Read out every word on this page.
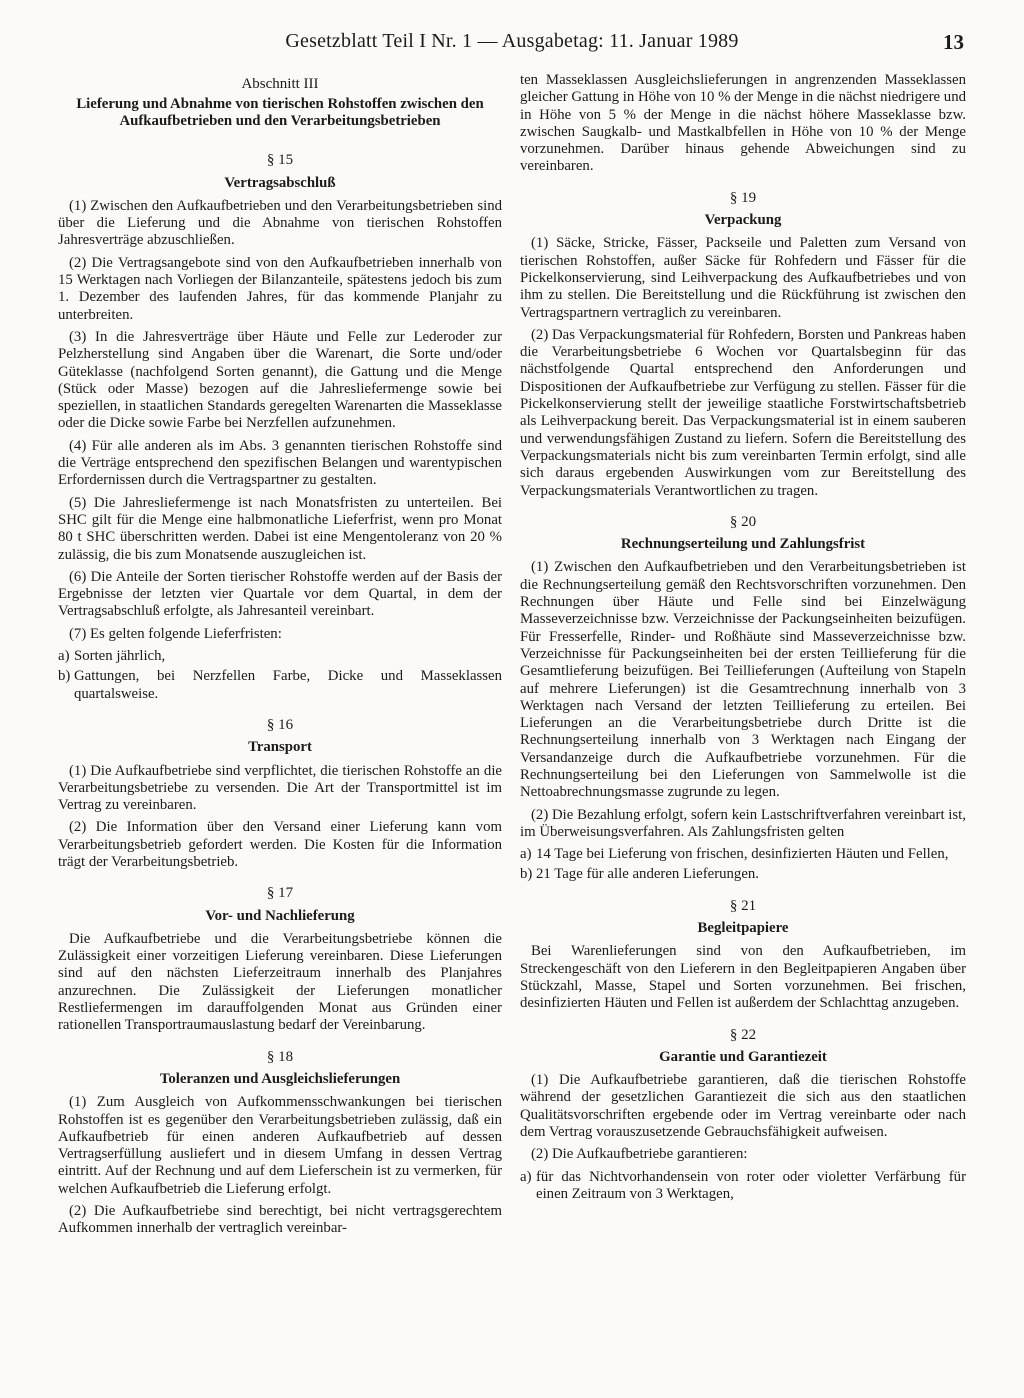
Gesetzblatt Teil I Nr. 1 — Ausgabetag: 11. Januar 1989	13
Abschnitt III
Lieferung und Abnahme von tierischen Rohstoffen zwischen den Aufkaufbetrieben und den Verarbeitungsbetrieben
§ 15
Vertragsabschluß

(1) Zwischen den Aufkaufbetrieben und den Verarbeitungsbetrieben sind über die Lieferung und die Abnahme von tierischen Rohstoffen Jahresverträge abzuschließen.

(2) Die Vertragsangebote sind von den Aufkaufbetrieben innerhalb von 15 Werktagen nach Vorliegen der Bilanzanteile, spätestens jedoch bis zum 1. Dezember des laufenden Jahres, für das kommende Planjahr zu unterbreiten.

(3) In die Jahresverträge über Häute und Felle zur Lederoder zur Pelzherstellung sind Angaben über die Warenart, die Sorte und/oder Güteklasse (nachfolgend Sorten genannt), die Gattung und die Menge (Stück oder Masse) bezogen auf die Jahresliefermenge sowie bei speziellen, in staatlichen Standards geregelten Warenarten die Masseklasse oder die Dicke sowie Farbe bei Nerzfellen aufzunehmen.

(4) Für alle anderen als im Abs. 3 genannten tierischen Rohstoffe sind die Verträge entsprechend den spezifischen Belangen und warentypischen Erfordernissen durch die Vertragspartner zu gestalten.

(5) Die Jahresliefermenge ist nach Monatsfristen zu unterteilen. Bei SHC gilt für die Menge eine halbmonatliche Lieferfrist, wenn pro Monat 80 t SHC überschritten werden. Dabei ist eine Mengentoleranz von 20 % zulässig, die bis zum Monatsende auszugleichen ist.

(6) Die Anteile der Sorten tierischer Rohstoffe werden auf der Basis der Ergebnisse der letzten vier Quartale vor dem Quartal, in dem der Vertragsabschluß erfolgte, als Jahresanteil vereinbart.

(7) Es gelten folgende Lieferfristen:

a) Sorten jährlich,

b) Gattungen, bei Nerzfellen Farbe, Dicke und Masseklassen quartalsweise.

§ 16
Transport

(1) Die Aufkaufbetriebe sind verpflichtet, die tierischen Rohstoffe an die Verarbeitungsbetriebe zu versenden. Die Art der Transportmittel ist im Vertrag zu vereinbaren.

(2) Die Information über den Versand einer Lieferung kann vom Verarbeitungsbetrieb gefordert werden. Die Kosten für die Information trägt der Verarbeitungsbetrieb.

§ 17
Vor- und Nachlieferung

Die Aufkaufbetriebe und die Verarbeitungsbetriebe können die Zulässigkeit einer vorzeitigen Lieferung vereinbaren. Diese Lieferungen sind auf den nächsten Lieferzeitraum innerhalb des Planjahres anzurechnen. Die Zulässigkeit der Lieferungen monatlicher Restliefermengen im darauffolgenden Monat aus Gründen einer rationellen Transportraumauslastung bedarf der Vereinbarung.

§ 18
Toleranzen und Ausgleichslieferungen

(1) Zum Ausgleich von Aufkommensschwankungen bei tierischen Rohstoffen ist es gegenüber den Verarbeitungsbetrieben zulässig, daß ein Aufkaufbetrieb für einen anderen Aufkaufbetrieb auf dessen Vertragserfüllung ausliefert und in diesem Umfang in dessen Vertrag eintritt. Auf der Rechnung und auf dem Lieferschein ist zu vermerken, für welchen Aufkaufbetrieb die Lieferung erfolgt.

(2) Die Aufkaufbetriebe sind berechtigt, bei nicht vertragsgerechtem Aufkommen innerhalb der vertraglich vereinbar-

ten Masseklassen Ausgleichslieferungen in angrenzenden Masseklassen gleicher Gattung in Höhe von 10 % der Menge in die nächst niedrigere und in Höhe von 5 % der Menge in die nächst höhere Masseklasse bzw. zwischen Saugkalb- und Mastkalbfellen in Höhe von 10 % der Menge vorzunehmen. Darüber hinaus gehende Abweichungen sind zu vereinbaren.

§ 19
Verpackung

(1) Säcke, Stricke, Fässer, Packseile und Paletten zum Versand von tierischen Rohstoffen, außer Säcke für Rohfedern und Fässer für die Pickelkonservierung, sind Leihverpackung des Aufkaufbetriebes und von ihm zu stellen. Die Bereitstellung und die Rückführung ist zwischen den Vertragspartnern vertraglich zu vereinbaren.

(2) Das Verpackungsmaterial für Rohfedern, Borsten und Pankreas haben die Verarbeitungsbetriebe 6 Wochen vor Quartalsbeginn für das nächstfolgende Quartal entsprechend den Anforderungen und Dispositionen der Aufkaufbetriebe zur Verfügung zu stellen. Fässer für die Pickelkonservierung stellt der jeweilige staatliche Forstwirtschaftsbetrieb als Leihverpackung bereit. Das Verpackungsmaterial ist in einem sauberen und verwendungsfähigen Zustand zu liefern. Sofern die Bereitstellung des Verpackungsmaterials nicht bis zum vereinbarten Termin erfolgt, sind alle sich daraus ergebenden Auswirkungen vom zur Bereitstellung des Verpackungsmaterials Verantwortlichen zu tragen.

§ 20
Rechnungserteilung und Zahlungsfrist

(1) Zwischen den Aufkaufbetrieben und den Verarbeitungsbetrieben ist die Rechnungserteilung gemäß den Rechtsvorschriften vorzunehmen. Den Rechnungen über Häute und Felle sind bei Einzelwägung Masseverzeichnisse bzw. Verzeichnisse der Packungseinheiten beizufügen. Für Fresserfelle, Rinder- und Roßhäute sind Masseverzeichnisse bzw. Verzeichnisse für Packungseinheiten bei der ersten Teillieferung für die Gesamtlieferung beizufügen. Bei Teillieferungen (Aufteilung von Stapeln auf mehrere Lieferungen) ist die Gesamtrechnung innerhalb von 3 Werktagen nach Versand der letzten Teillieferung zu erteilen. Bei Lieferungen an die Verarbeitungsbetriebe durch Dritte ist die Rechnungserteilung innerhalb von 3 Werktagen nach Eingang der Versandanzeige durch die Aufkaufbetriebe vorzunehmen. Für die Rechnungserteilung bei den Lieferungen von Sammelwolle ist die Nettoabrechnungsmasse zugrunde zu legen.

(2) Die Bezahlung erfolgt, sofern kein Lastschriftverfahren vereinbart ist, im Überweisungsverfahren. Als Zahlungsfristen gelten

a) 14 Tage bei Lieferung von frischen, desinfizierten Häuten und Fellen,

b) 21 Tage für alle anderen Lieferungen.

§ 21
Begleitpapiere

Bei Warenlieferungen sind von den Aufkaufbetrieben, im Streckengeschäft von den Lieferern in den Begleitpapieren Angaben über Stückzahl, Masse, Stapel und Sorten vorzunehmen. Bei frischen, desinfizierten Häuten und Fellen ist außerdem der Schlachttag anzugeben.

§ 22
Garantie und Garantiezeit

(1) Die Aufkaufbetriebe garantieren, daß die tierischen Rohstoffe während der gesetzlichen Garantiezeit die sich aus den staatlichen Qualitätsvorschriften ergebende oder im Vertrag vereinbarte oder nach dem Vertrag vorauszusetzende Gebrauchsfähigkeit aufweisen.

(2) Die Aufkaufbetriebe garantieren:

a) für das Nichtvorhandensein von roter oder violetter Verfärbung für einen Zeitraum von 3 Werktagen,
